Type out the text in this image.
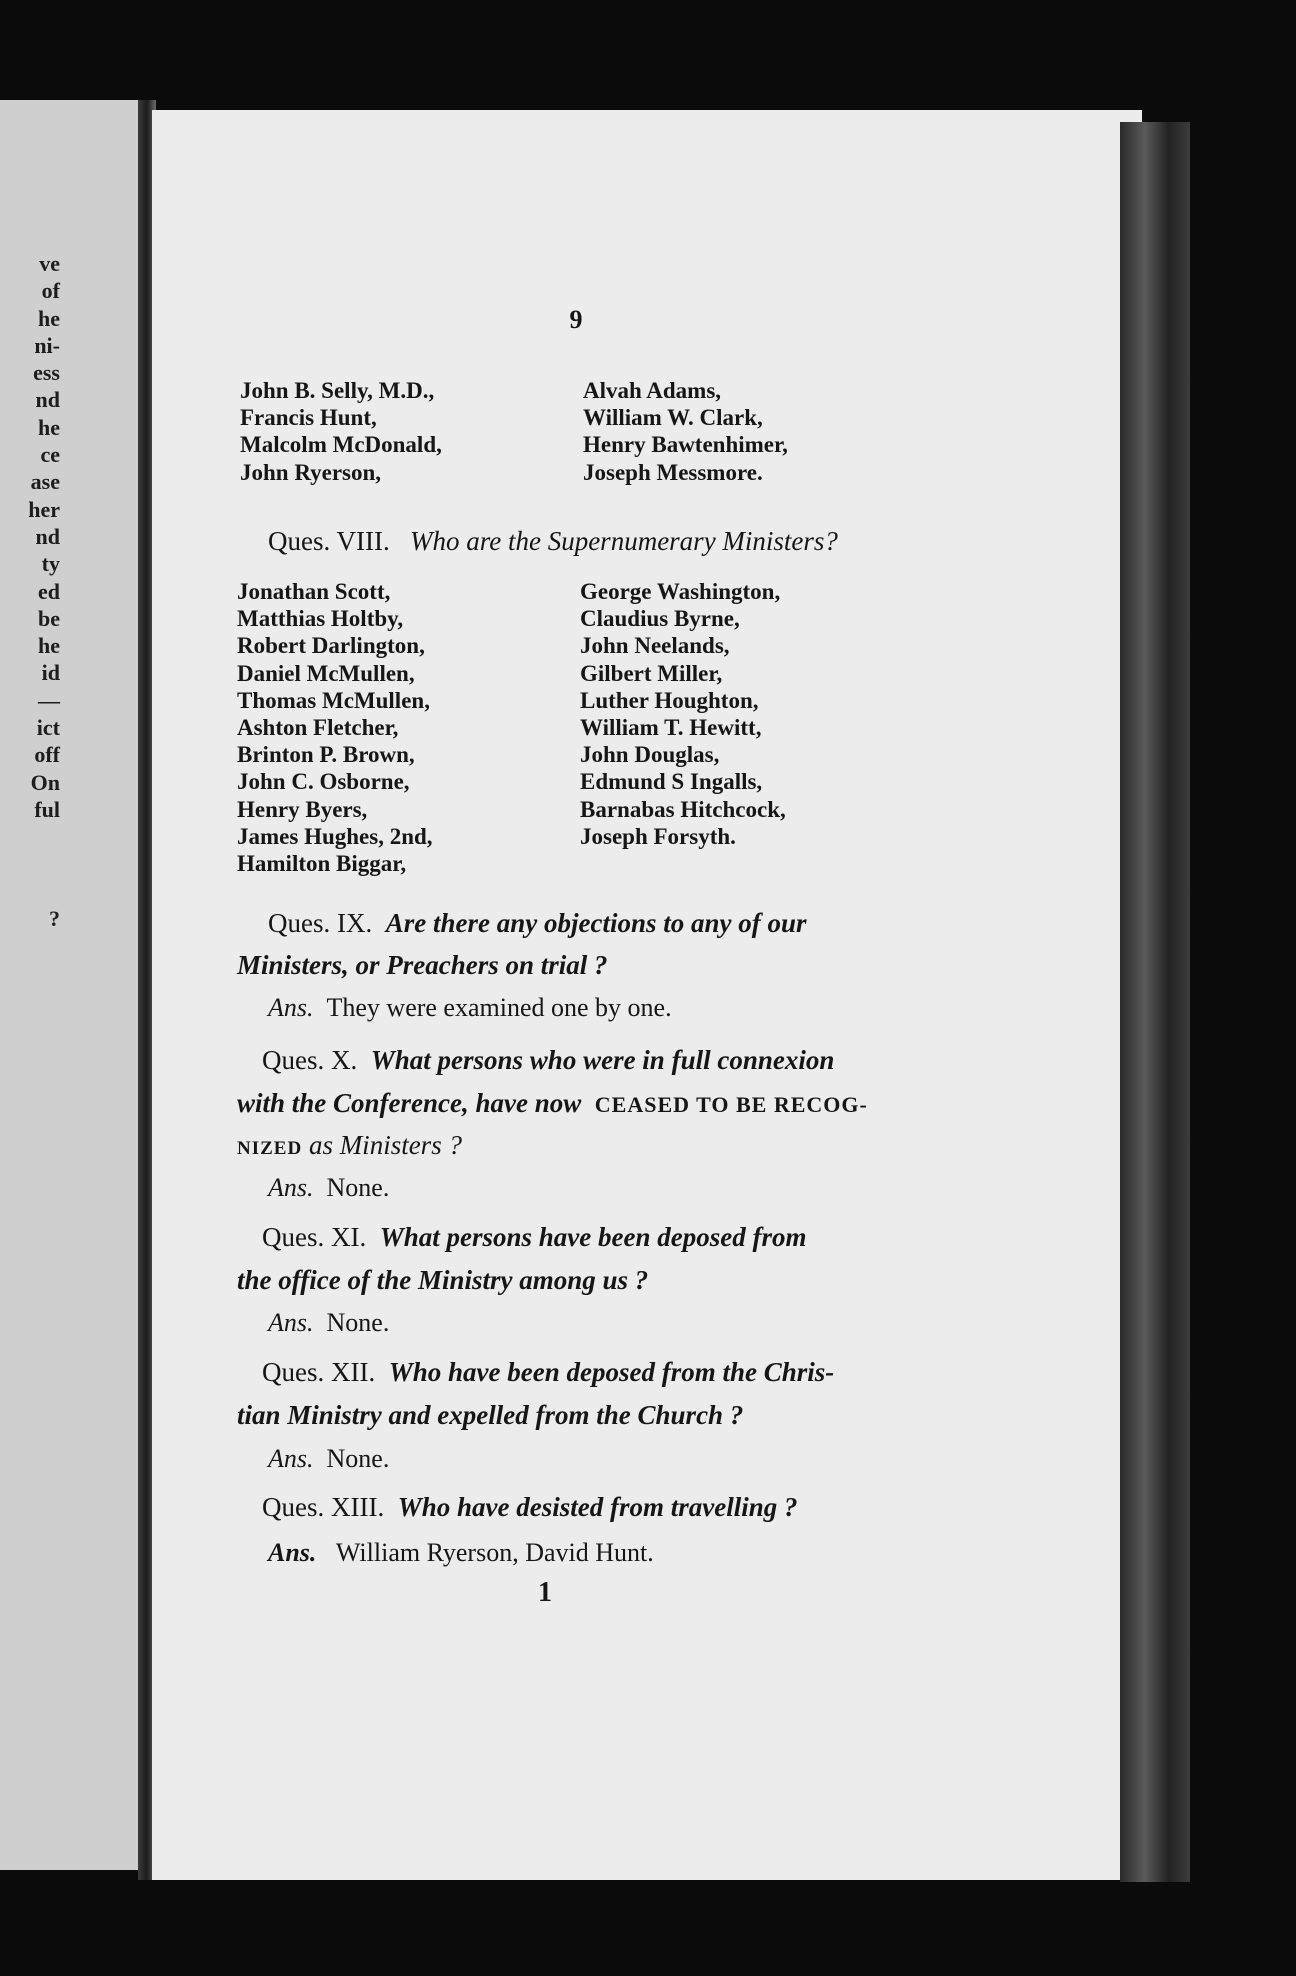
ve
of
he
ni-
ess
nd
he
ce
ase
her
nd
ty
ed
be
he
id
—
ict
off
On
ful
?
9
John B. Selly, M.D.,
Francis Hunt,
Malcolm McDonald,
John Ryerson,
Alvah Adams,
William W. Clark,
Henry Bawtenhimer,
Joseph Messmore.
Ques. VIII. Who are the Supernumerary Ministers?
Jonathan Scott,
Matthias Holtby,
Robert Darlington,
Daniel McMullen,
Thomas McMullen,
Ashton Fletcher,
Brinton P. Brown,
John C. Osborne,
Henry Byers,
James Hughes, 2nd,
Hamilton Biggar,
George Washington,
Claudius Byrne,
John Neelands,
Gilbert Miller,
Luther Houghton,
William T. Hewitt,
John Douglas,
Edmund S Ingalls,
Barnabas Hitchcock,
Joseph Forsyth.
Ques. IX. Are there any objections to any of our
Ministers, or Preachers on trial ?
Ans. They were examined one by one.
Ques. X. What persons who were in full connexion
with the Conference, have now CEASED TO BE RECOG-
NIZED as Ministers ?
Ans. None.
Ques. XI. What persons have been deposed from
the office of the Ministry among us ?
Ans. None.
Ques. XII. Who have been deposed from the Chris-
tian Ministry and expelled from the Church ?
Ans. None.
Ques. XIII. Who have desisted from travelling ?
Ans. William Ryerson, David Hunt.
1
